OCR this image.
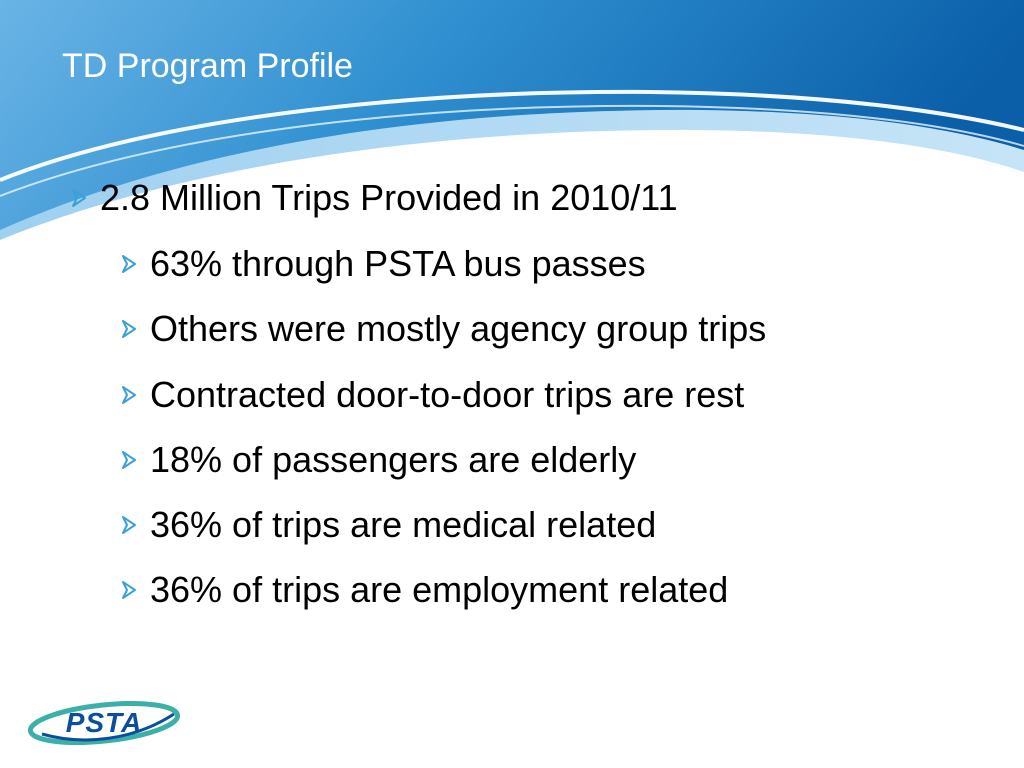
TD Program Profile
2.8 Million Trips Provided in 2010/11
63% through PSTA bus passes
Others were mostly agency group trips
Contracted door-to-door trips are rest
18% of passengers are elderly
36% of trips are medical related
36% of trips are employment related
PSTA
